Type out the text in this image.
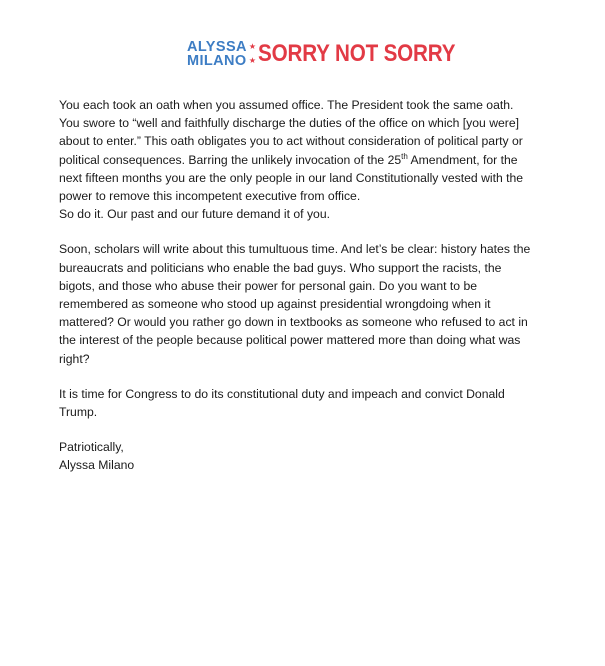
ALYSSA
MILANO
★
★ SORRY NOT SORRY

You each took an oath when you assumed office. The President took the same oath.

You swore to “well and faithfully discharge the duties of the office on which [you were]

about to enter.” This oath obligates you to act without consideration of political party or

political consequences. Barring the unlikely invocation of the 25th Amendment, for the

next fifteen months you are the only people in our land Constitutionally vested with the

power to remove this incompetent executive from office.

So do it. Our past and our future demand it of you.

Soon, scholars will write about this tumultuous time. And let’s be clear: history hates the

bureaucrats and politicians who enable the bad guys. Who support the racists, the

bigots, and those who abuse their power for personal gain. Do you want to be

remembered as someone who stood up against presidential wrongdoing when it

mattered? Or would you rather go down in textbooks as someone who refused to act in

the interest of the people because political power mattered more than doing what was

right?

It is time for Congress to do its constitutional duty and impeach and convict Donald

Trump.

Patriotically,

Alyssa Milano
